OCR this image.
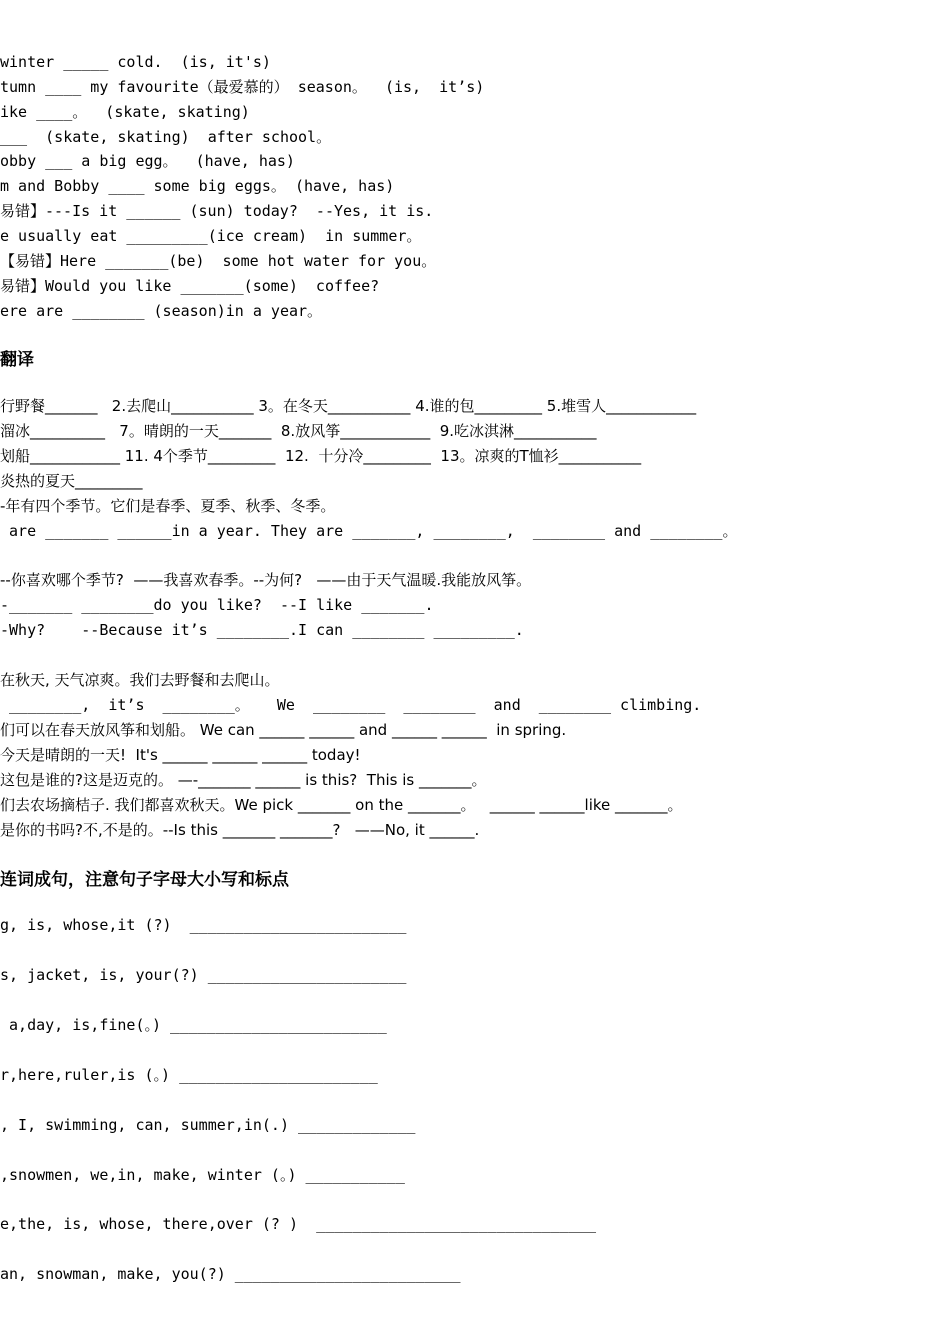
winter _____ cold.  (is, it's)
tumn ____ my favourite（最爱慕的） season。  (is,  it’s)
ike ____。  (skate, skating)
___  (skate, skating)  after school。
obby ___ a big egg。  (have, has)
m and Bobby ____ some big eggs。 (have, has)
易错】---Is it ______ (sun) today?  --Yes, it is.
e usually eat _________(ice cream)  in summer。
【易错】Here _______(be)  some hot water for you。
易错】Would you like _______(some)  coffee?
ere are ________ (season)in a year。
翻译
行野餐_______   2.去爬山___________ 3。在冬天___________ 4.谁的包_________ 5.堆雪人____________
溜冰__________   7。晴朗的一天_______  8.放风筝____________  9.吃冰淇淋___________
划船____________ 11. 4个季节_________  12.  十分冷_________  13。凉爽的T恤衫___________
炎热的夏天_________
-年有四个季节。它们是春季、夏季、秋季、冬季。
are _______ ______in a year. They are _______, ________,  ________ and ________。
--你喜欢哪个季节?  ——我喜欢春季。--为何?   ——由于天气温暖.我能放风筝。
-_______ ________do you like?  --I like _______.
-Why?    --Because it’s ________.I can ________ _________.
在秋天, 天气凉爽。我们去野餐和去爬山。
________,  it’s  ________。   We  ________  ________  and  ________ climbing.
们可以在春天放风筝和划船。 We can ______ ______ and ______ ______  in spring.
今天是晴朗的一天!  It's ______ ______ ______ today!
这包是谁的?这是迈克的。 —-_______ ______ is this?  This is _______。
们去农场摘桔子. 我们都喜欢秋天。We pick _______ on the _______。   ______ ______like _______。
是你的书吗?不,不是的。--Is this _______ _______?   ——No, it ______.
连词成句，注意句子字母大小写和标点
g, is, whose,it (?)  ________________________
s, jacket, is, your(?) ______________________
a,day, is,fine(。) ________________________
r,here,ruler,is (。) ______________________
, I, swimming, can, summer,in(.) _____________
,snowmen, we,in, make, winter (。) ___________
e,the, is, whose, there,over (? )  _______________________________
an, snowman, make, you(?) _________________________
